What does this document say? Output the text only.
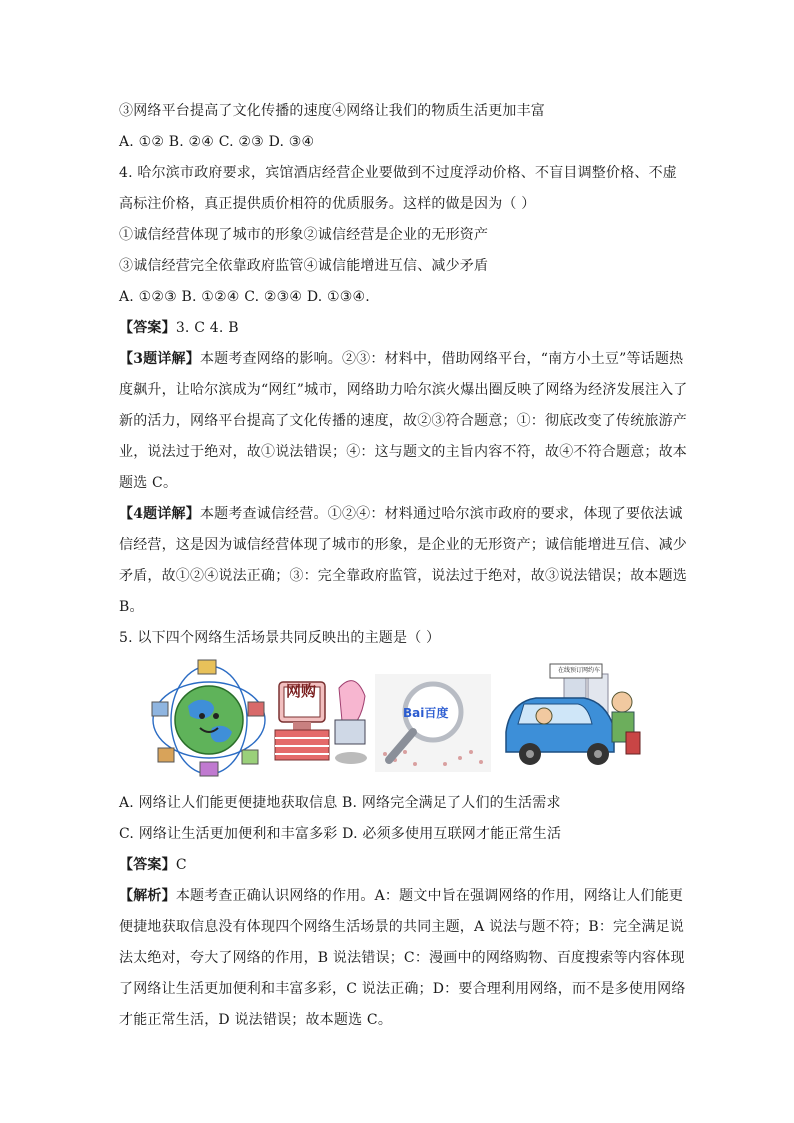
③网络平台提高了文化传播的速度④网络让我们的物质生活更加丰富
A. ①② B. ②④ C. ②③ D. ③④
4. 哈尔滨市政府要求，宾馆酒店经营企业要做到不过度浮动价格、不盲目调整价格、不虚
高标注价格，真正提供质价相符的优质服务。这样的做是因为（ ）
①诚信经营体现了城市的形象②诚信经营是企业的无形资产
③诚信经营完全依靠政府监管④诚信能增进互信、减少矛盾
A. ①②③ B. ①②④ C. ②③④ D. ①③④.
【答案】3. C 4. B
【3题详解】本题考查网络的影响。②③：材料中，借助网络平台，“南方小土豆”等话题热
度飙升，让哈尔滨成为“网红”城市，网络助力哈尔滨火爆出圈反映了网络为经济发展注入了
新的活力，网络平台提高了文化传播的速度，故②③符合题意；①：彻底改变了传统旅游产
业，说法过于绝对，故①说法错误；④：这与题文的主旨内容不符，故④不符合题意；故本
题选 C。
【4题详解】本题考查诚信经营。①②④：材料通过哈尔滨市政府的要求，体现了要依法诚
信经营，这是因为诚信经营体现了城市的形象，是企业的无形资产；诚信能增进互信、减少
矛盾，故①②④说法正确；③：完全靠政府监管，说法过于绝对，故③说法错误；故本题选
B。
5. 以下四个网络生活场景共同反映出的主题是（ ）
网购
Bai百度
在线预订网约车
A. 网络让人们能更便捷地获取信息 B. 网络完全满足了人们的生活需求
C. 网络让生活更加便利和丰富多彩 D. 必须多使用互联网才能正常生活
【答案】C
【解析】本题考查正确认识网络的作用。A：题文中旨在强调网络的作用，网络让人们能更
便捷地获取信息没有体现四个网络生活场景的共同主题，A 说法与题不符；B：完全满足说
法太绝对，夸大了网络的作用，B 说法错误；C：漫画中的网络购物、百度搜索等内容体现
了网络让生活更加便利和丰富多彩，C 说法正确；D：要合理利用网络，而不是多使用网络
才能正常生活，D 说法错误；故本题选 C。
